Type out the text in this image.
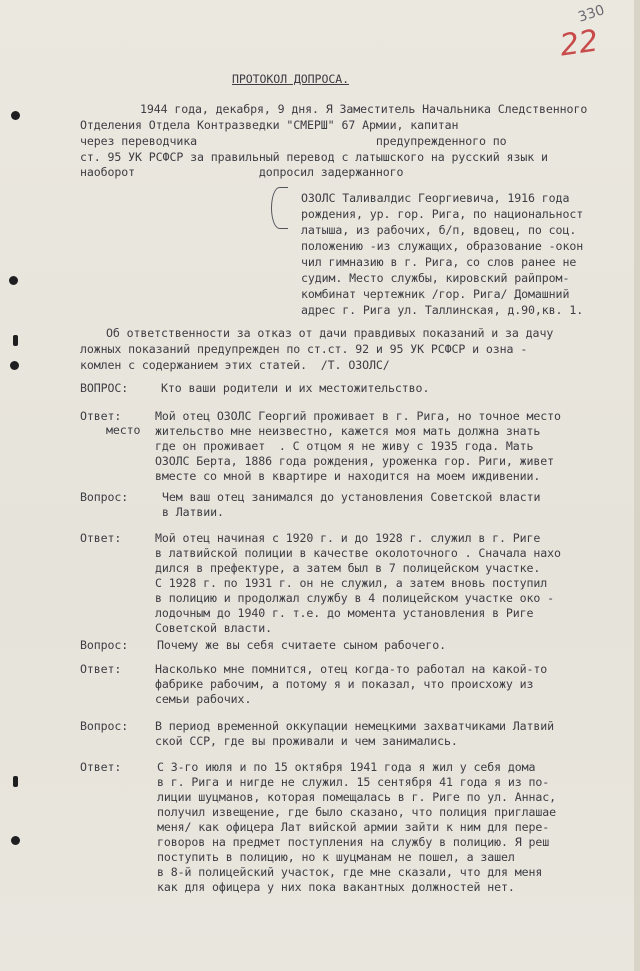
330
22
ПРОТОКОЛ ДОПРОСА.
1944 года, декабря, 9 дня. Я Заместитель Начальника Следственного
Отделения Отдела Контразведки "СМЕРШ" 67 Армии, капитан
через переводчика                          предупрежденного по
ст. 95 УК РСФСР за правильный перевод с латышского на русский язык и
наоборот                  допросил задержанного
ОЗОЛС Таливалдис Георгиевича, 1916 года
рождения, ур. гор. Рига, по национальност
латыша, из рабочих, б/п, вдовец, по соц.
положению -из служащих, образование -окон
чил гимназию в г. Рига, со слов ранее не
судим. Место службы, кировский райпром-
комбинат чертежник /гор. Рига/ Домашний
адрес г. Рига ул. Таллинская, д.90,кв. 1.
Об ответственности за отказ от дачи правдивых показаний и за дачу
ложных показаний предупрежден по ст.ст. 92 и 95 УК РСФСР и озна -
комлен с содержанием этих статей.  /Т. ОЗОЛС/
ВОПРОС:	Кто ваши родители и их местожительство.
Ответ:
место
Мой отец ОЗОЛС Георгий проживает в г. Рига, но точное место
жительство мне неизвестно, кажется моя мать должна знать
где он проживает  . С отцом я не живу с 1935 года. Мать
ОЗОЛС Берта, 1886 года рождения, уроженка гор. Риги, живет
вместе со мной в квартире и находится на моем иждивении.
Вопрос:	Чем ваш отец занимался до установления Советской власти
в Латвии.
Ответ:	Мой отец начиная с 1920 г. и до 1928 г. служил в г. Риге
в латвийской полиции в качестве околоточного . Сначала нахо
дился в префектуре, а затем был в 7 полицейском участке.
С 1928 г. по 1931 г. он не служил, а затем вновь поступил
в полицию и продолжал службу в 4 полицейском участке око -
лодочным до 1940 г. т.е. до момента установления в Риге
Советской власти.
Вопрос: Почему же вы себя считаете сыном рабочего.
Ответ:	Насколько мне помнится, отец когда-то работал на какой-то
фабрике рабочим, а потому я и показал, что происхожу из
семьи рабочих.
Вопрос: В период временной оккупации немецкими захватчиками Латвий
ской ССР, где вы проживали и чем занимались.
Ответ:	С 3-го июля и по 15 октября 1941 года я жил у себя дома
в г. Рига и нигде не служил. 15 сентября 41 года я из по-
лиции шуцманов, которая помещалась в г. Риге по ул. Аннас,
получил извещение, где было сказано, что полиция приглашае
меня/ как офицера Лат вийской армии зайти к ним для пере-
говоров на предмет поступления на службу в полицию. Я реш
поступить в полицию, но к шуцманам не пошел, а зашел
в 8-й полицейский участок, где мне сказали, что для меня
как для офицера у них пока вакантных должностей нет.
